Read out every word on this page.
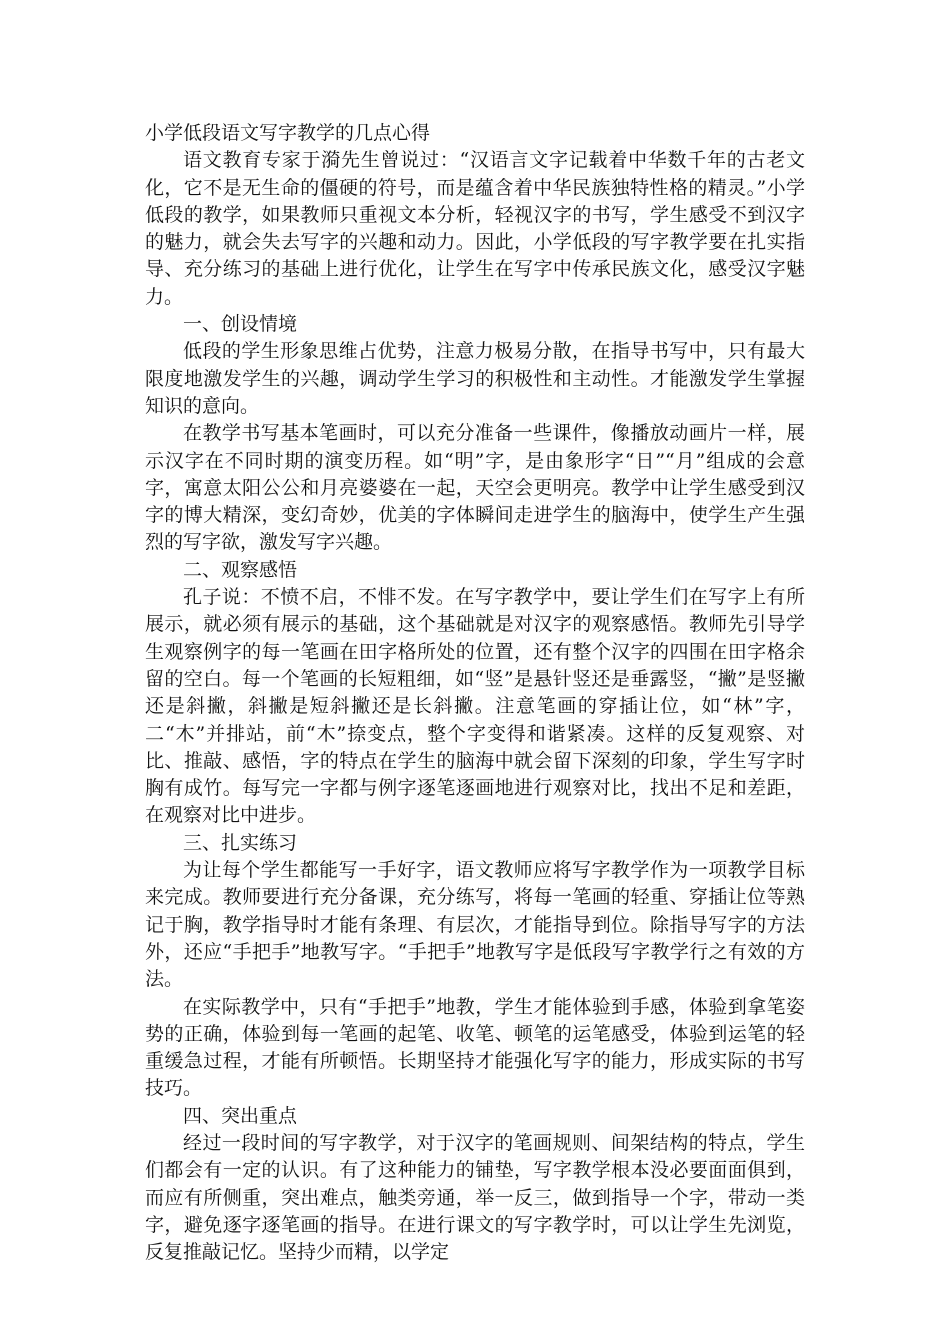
小学低段语文写字教学的几点心得

语文教育专家于漪先生曾说过：“汉语言文字记载着中华数千年的古老文化，它不是无生命的僵硬的符号，而是蕴含着中华民族独特性格的精灵。”小学低段的教学，如果教师只重视文本分析，轻视汉字的书写，学生感受不到汉字的魅力，就会失去写字的兴趣和动力。因此，小学低段的写字教学要在扎实指导、充分练习的基础上进行优化，让学生在写字中传承民族文化，感受汉字魅力。

一、创设情境

低段的学生形象思维占优势，注意力极易分散，在指导书写中，只有最大限度地激发学生的兴趣，调动学生学习的积极性和主动性。才能激发学生掌握知识的意向。

在教学书写基本笔画时，可以充分准备一些课件，像播放动画片一样，展示汉字在不同时期的演变历程。如“明”字，是由象形字“日”“月”组成的会意字，寓意太阳公公和月亮婆婆在一起，天空会更明亮。教学中让学生感受到汉字的博大精深，变幻奇妙，优美的字体瞬间走进学生的脑海中，使学生产生强烈的写字欲，激发写字兴趣。

二、观察感悟

孔子说：不愤不启，不悱不发。在写字教学中，要让学生们在写字上有所展示，就必须有展示的基础，这个基础就是对汉字的观察感悟。教师先引导学生观察例字的每一笔画在田字格所处的位置，还有整个汉字的四围在田字格余留的空白。每一个笔画的长短粗细，如“竖”是悬针竖还是垂露竖，“撇”是竖撇还是斜撇，斜撇是短斜撇还是长斜撇。注意笔画的穿插让位，如“林”字，二“木”并排站，前“木”捺变点，整个字变得和谐紧凑。这样的反复观察、对比、推敲、感悟，字的特点在学生的脑海中就会留下深刻的印象，学生写字时胸有成竹。每写完一字都与例字逐笔逐画地进行观察对比，找出不足和差距，在观察对比中进步。

三、扎实练习

为让每个学生都能写一手好字，语文教师应将写字教学作为一项教学目标来完成。教师要进行充分备课，充分练写，将每一笔画的轻重、穿插让位等熟记于胸，教学指导时才能有条理、有层次，才能指导到位。除指导写字的方法外，还应“手把手”地教写字。“手把手”地教写字是低段写字教学行之有效的方法。

在实际教学中，只有“手把手”地教，学生才能体验到手感，体验到拿笔姿势的正确，体验到每一笔画的起笔、收笔、顿笔的运笔感受，体验到运笔的轻重缓急过程，才能有所顿悟。长期坚持才能强化写字的能力，形成实际的书写技巧。

四、突出重点

经过一段时间的写字教学，对于汉字的笔画规则、间架结构的特点，学生们都会有一定的认识。有了这种能力的铺垫，写字教学根本没必要面面俱到，而应有所侧重，突出难点，触类旁通，举一反三，做到指导一个字，带动一类字，避免逐字逐笔画的指导。在进行课文的写字教学时，可以让学生先浏览，反复推敲记忆。坚持少而精，以学定
